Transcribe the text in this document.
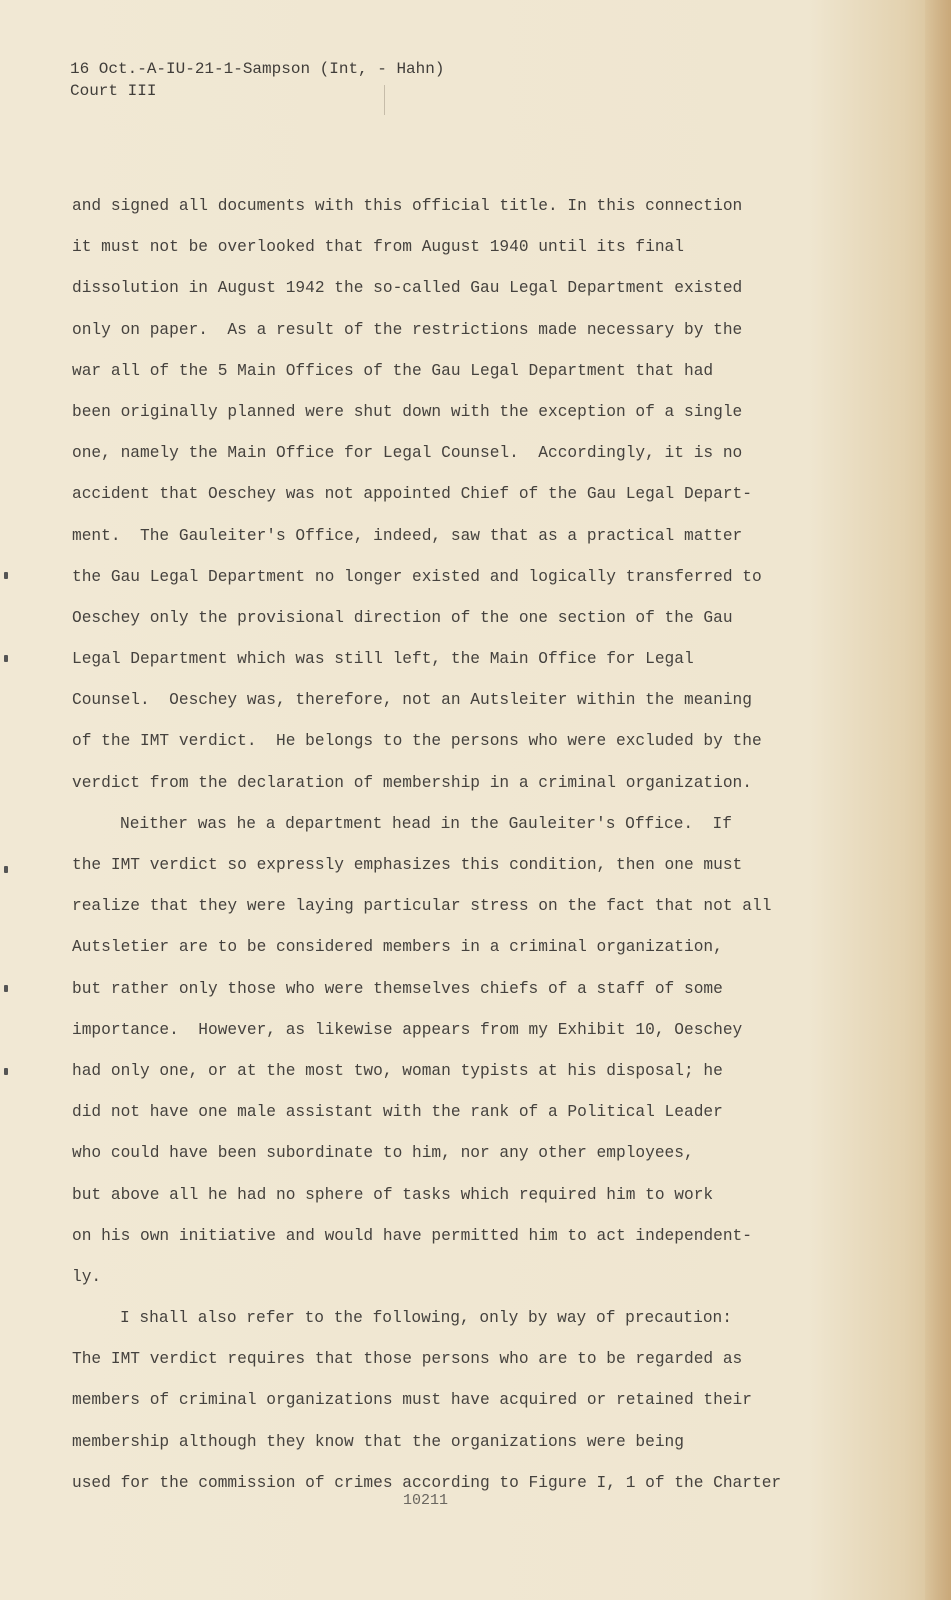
16 Oct.-A-IU-21-1-Sampson (Int, - Hahn)
Court III
and signed all documents with this official title. In this connection
it must not be overlooked that from August 1940 until its final
dissolution in August 1942 the so-called Gau Legal Department existed
only on paper.  As a result of the restrictions made necessary by the
war all of the 5 Main Offices of the Gau Legal Department that had
been originally planned were shut down with the exception of a single
one, namely the Main Office for Legal Counsel.  Accordingly, it is no
accident that Oeschey was not appointed Chief of the Gau Legal Depart-
ment.  The Gauleiter's Office, indeed, saw that as a practical matter
the Gau Legal Department no longer existed and logically transferred to
Oeschey only the provisional direction of the one section of the Gau
Legal Department which was still left, the Main Office for Legal
Counsel.  Oeschey was, therefore, not an Autsleiter within the meaning
of the IMT verdict.  He belongs to the persons who were excluded by the
verdict from the declaration of membership in a criminal organization.
Neither was he a department head in the Gauleiter's Office.  If
the IMT verdict so expressly emphasizes this condition, then one must
realize that they were laying particular stress on the fact that not all
Autsletier are to be considered members in a criminal organization,
but rather only those who were themselves chiefs of a staff of some
importance.  However, as likewise appears from my Exhibit 10, Oeschey
had only one, or at the most two, woman typists at his disposal; he
did not have one male assistant with the rank of a Political Leader
who could have been subordinate to him, nor any other employees,
but above all he had no sphere of tasks which required him to work
on his own initiative and would have permitted him to act independent-
ly.
I shall also refer to the following, only by way of precaution:
The IMT verdict requires that those persons who are to be regarded as
members of criminal organizations must have acquired or retained their
membership although they know that the organizations were being
used for the commission of crimes according to Figure I, 1 of the Charter
10211
